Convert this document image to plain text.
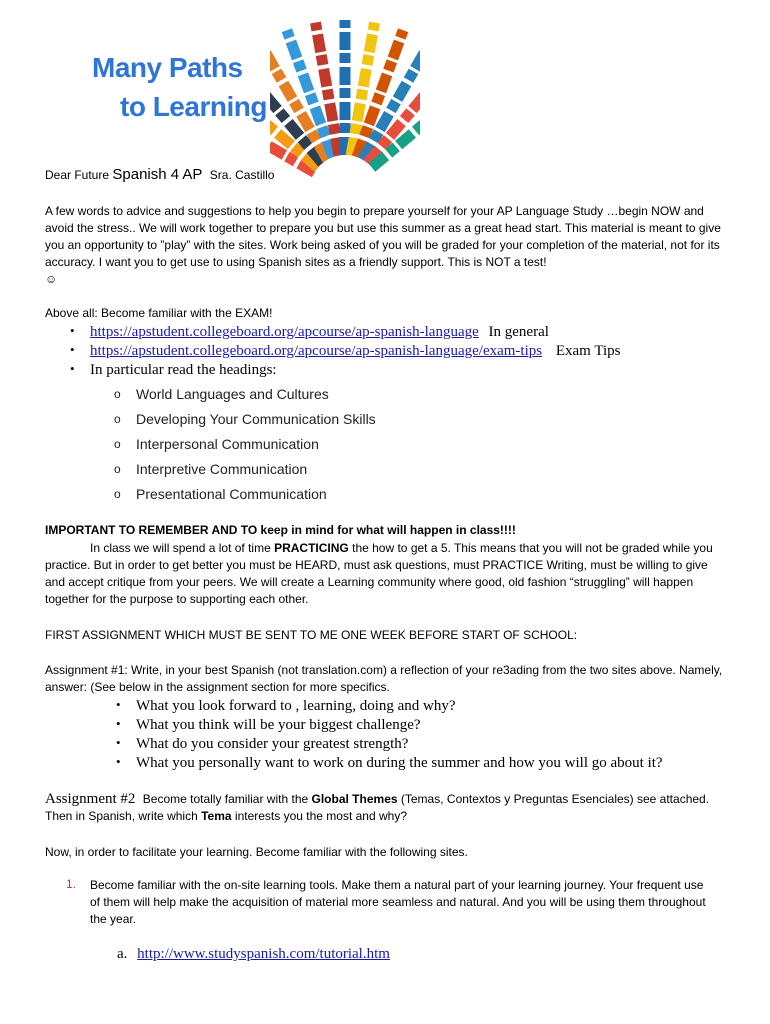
Many Paths
to Learning
Dear Future Spanish 4 AP Sra. Castillo
A few words to advice and suggestions to help you begin to prepare yourself for your AP Language Study …begin NOW and avoid the stress.. We will work together to prepare you but use this summer as a great head start. This material is meant to give you an opportunity to ”play” with the sites. Work being asked of you will be graded for your completion of the material, not for its accuracy. I want you to get use to using Spanish sites as a friendly support. This is NOT a test!
☺
Above all: Become familiar with the EXAM!
• https://apstudent.collegeboard.org/apcourse/ap-spanish-language In general
• https://apstudent.collegeboard.org/apcourse/ap-spanish-language/exam-tips Exam Tips
• In particular read the headings:
o World Languages and Cultures
o Developing Your Communication Skills
o Interpersonal Communication
o Interpretive Communication
o Presentational Communication
IMPORTANT TO REMEMBER AND TO keep in mind for what will happen in class!!!!
In class we will spend a lot of time PRACTICING the how to get a 5. This means that you will not be graded while you practice. But in order to get better you must be HEARD, must ask questions, must PRACTICE Writing, must be willing to give and accept critique from your peers. We will create a Learning community where good, old fashion “struggling” will happen together for the purpose to supporting each other.
FIRST ASSIGNMENT WHICH MUST BE SENT TO ME ONE WEEK BEFORE START OF SCHOOL:
Assignment #1: Write, in your best Spanish (not translation.com) a reflection of your re3ading from the two sites above. Namely, answer: (See below in the assignment section for more specifics.
• What you look forward to , learning, doing and why?
• What you think will be your biggest challenge?
• What do you consider your greatest strength?
• What you personally want to work on during the summer and how you will go about it?
Assignment #2 Become totally familiar with the Global Themes (Temas, Contextos y Preguntas Esenciales) see attached. Then in Spanish, write which Tema interests you the most and why?
Now, in order to facilitate your learning. Become familiar with the following sites.
1. Become familiar with the on-site learning tools. Make them a natural part of your learning journey. Your frequent use of them will help make the acquisition of material more seamless and natural. And you will be using them throughout the year.
a. http://www.studyspanish.com/tutorial.htm
